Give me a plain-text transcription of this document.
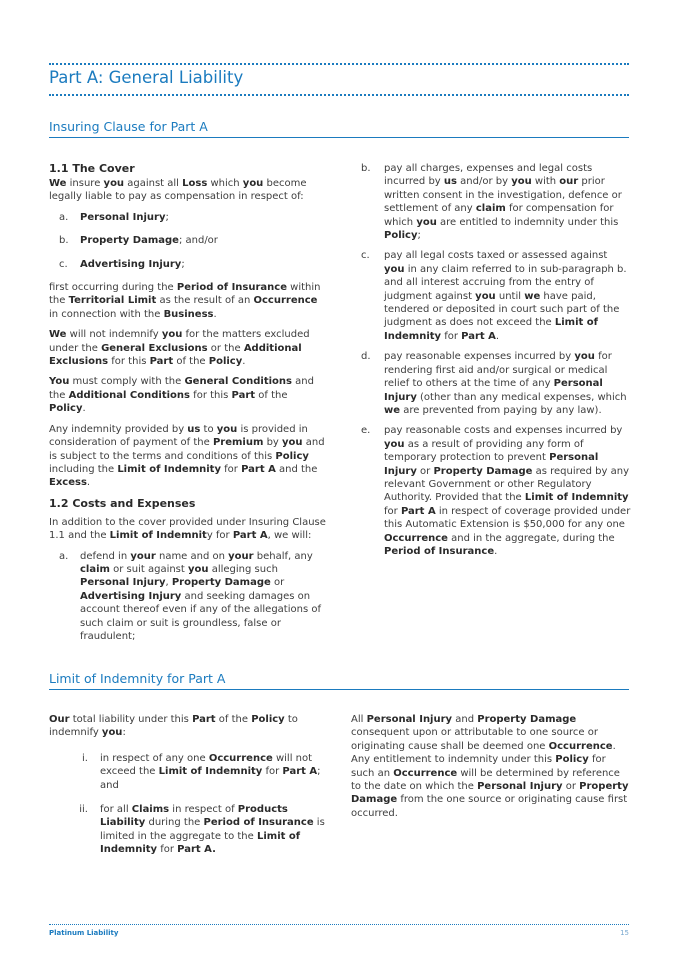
Part A: General Liability
Insuring Clause for Part A
1.1 The Cover

We insure you against all Loss which you become legally liable to pay as compensation in respect of:

a.	Personal Injury;
b.	Property Damage; and/or
c.	Advertising Injury;

first occurring during the Period of Insurance within the Territorial Limit as the result of an Occurrence in connection with the Business.

We will not indemnify you for the matters excluded under the General Exclusions or the Additional Exclusions for this Part of the Policy.

You must comply with the General Conditions and the Additional Conditions for this Part of the Policy.

Any indemnity provided by us to you is provided in consideration of payment of the Premium by you and is subject to the terms and conditions of this Policy including the Limit of Indemnity for Part A and the Excess.

1.2 Costs and Expenses

In addition to the cover provided under Insuring Clause 1.1 and the Limit of Indemnity for Part A, we will:

a.	defend in your name and on your behalf, any claim or suit against you alleging such Personal Injury, Property Damage or Advertising Injury and seeking damages on account thereof even if any of the allegations of such claim or suit is groundless, false or fraudulent;
b.	pay all charges, expenses and legal costs incurred by us and/or by you with our prior written consent in the investigation, defence or settlement of any claim for compensation for which you are entitled to indemnity under this Policy;
c.	pay all legal costs taxed or assessed against you in any claim referred to in sub-paragraph b. and all interest accruing from the entry of judgment against you until we have paid, tendered or deposited in court such part of the judgment as does not exceed the Limit of Indemnity for Part A.
d.	pay reasonable expenses incurred by you for rendering first aid and/or surgical or medical relief to others at the time of any Personal Injury (other than any medical expenses, which we are prevented from paying by any law).
e.	pay reasonable costs and expenses incurred by you as a result of providing any form of temporary protection to prevent Personal Injury or Property Damage as required by any relevant Government or other Regulatory Authority. Provided that the Limit of Indemnity for Part A in respect of coverage provided under this Automatic Extension is $50,000 for any one Occurrence and in the aggregate, during the Period of Insurance.
Limit of Indemnity for Part A

Our total liability under this Part of the Policy to indemnify you:

i.	in respect of any one Occurrence will not exceed the Limit of Indemnity for Part A; and
ii.	for all Claims in respect of Products Liability during the Period of Insurance is limited in the aggregate to the Limit of Indemnity for Part A.

All Personal Injury and Property Damage consequent upon or attributable to one source or originating cause shall be deemed one Occurrence. Any entitlement to indemnity under this Policy for such an Occurrence will be determined by reference to the date on which the Personal Injury or Property Damage from the one source or originating cause first occurred.

Platinum Liability	15
